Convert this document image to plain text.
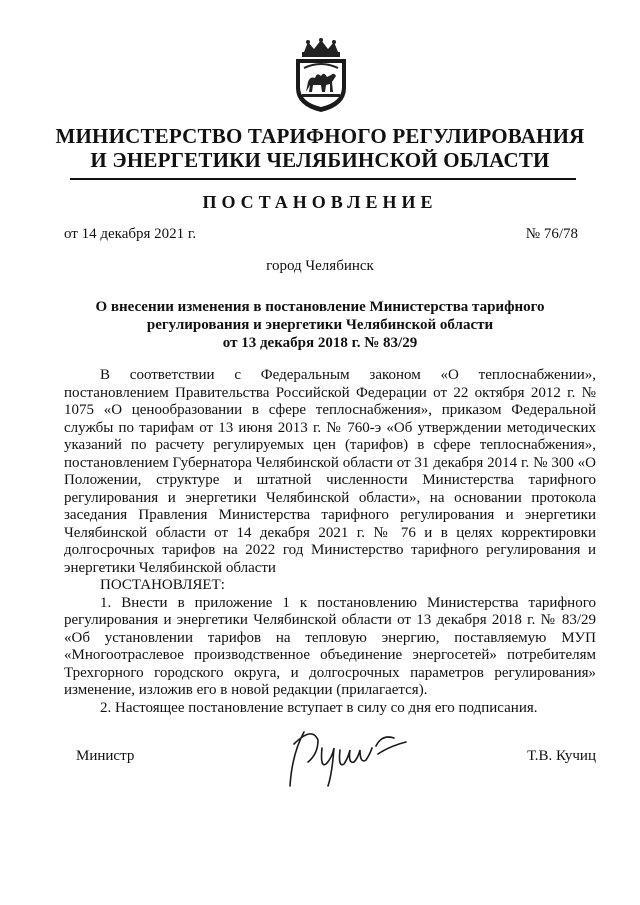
МИНИСТЕРСТВО ТАРИФНОГО РЕГУЛИРОВАНИЯ
И ЭНЕРГЕТИКИ ЧЕЛЯБИНСКОЙ ОБЛАСТИ
ПОСТАНОВЛЕНИЕ
от 14 декабря 2021 г.	№ 76/78
город Челябинск
О внесении изменения в постановление Министерства тарифного
регулирования и энергетики Челябинской области
от 13 декабря 2018 г. № 83/29

В соответствии с Федеральным законом «О теплоснабжении», постановлением Правительства Российской Федерации от 22 октября 2012 г. № 1075 «О ценообразовании в сфере теплоснабжения», приказом Федеральной службы по тарифам от 13 июня 2013 г. № 760-э «Об утверждении методических указаний по расчету регулируемых цен (тарифов) в сфере теплоснабжения», постановлением Губернатора Челябинской области от 31 декабря 2014 г. № 300 «О Положении, структуре и штатной численности Министерства тарифного регулирования и энергетики Челябинской области», на основании протокола заседания Правления Министерства тарифного регулирования и энергетики Челябинской области от 14 декабря 2021 г. № 76 и в целях корректировки долгосрочных тарифов на 2022 год Министерство тарифного регулирования и энергетики Челябинской области

ПОСТАНОВЛЯЕТ:

1. Внести в приложение 1 к постановлению Министерства тарифного регулирования и энергетики Челябинской области от 13 декабря 2018 г. № 83/29 «Об установлении тарифов на тепловую энергию, поставляемую МУП «Многоотраслевое производственное объединение энергосетей» потребителям Трехгорного городского округа, и долгосрочных параметров регулирования» изменение, изложив его в новой редакции (прилагается).

2. Настоящее постановление вступает в силу со дня его подписания.

Министр	Т.В. Кучиц
